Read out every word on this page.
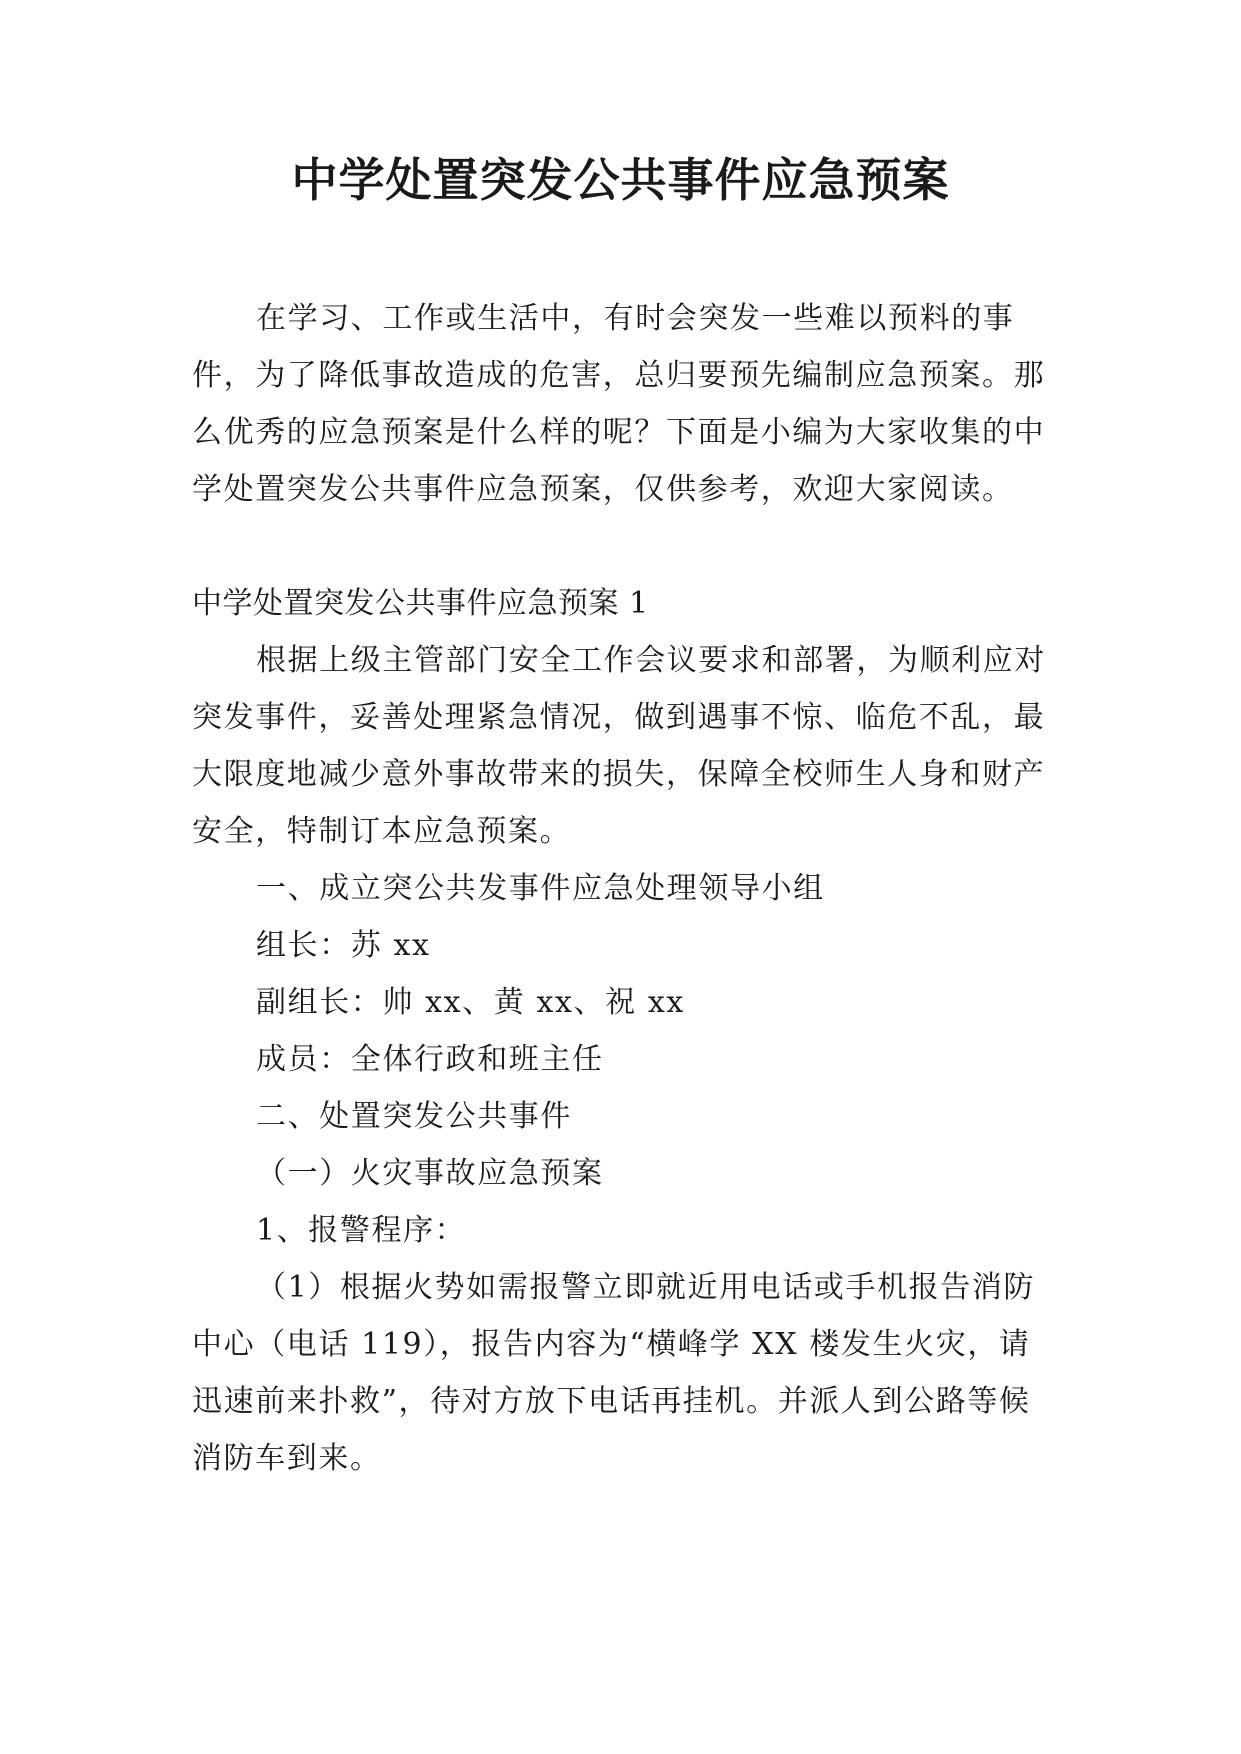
中学处置突发公共事件应急预案

在学习、工作或生活中，有时会突发一些难以预料的事件，为了降低事故造成的危害，总归要预先编制应急预案。那么优秀的应急预案是什么样的呢？下面是小编为大家收集的中学处置突发公共事件应急预案，仅供参考，欢迎大家阅读。

中学处置突发公共事件应急预案 1

根据上级主管部门安全工作会议要求和部署，为顺利应对突发事件，妥善处理紧急情况，做到遇事不惊、临危不乱，最大限度地减少意外事故带来的损失，保障全校师生人身和财产安全，特制订本应急预案。

一、成立突公共发事件应急处理领导小组

组长：苏 xx

副组长：帅 xx、黄 xx、祝 xx

成员：全体行政和班主任

二、处置突发公共事件

（一）火灾事故应急预案

1、报警程序：

（1）根据火势如需报警立即就近用电话或手机报告消防中心（电话 119），报告内容为“横峰学 XX 楼发生火灾，请迅速前来扑救”，待对方放下电话再挂机。并派人到公路等候消防车到来。
